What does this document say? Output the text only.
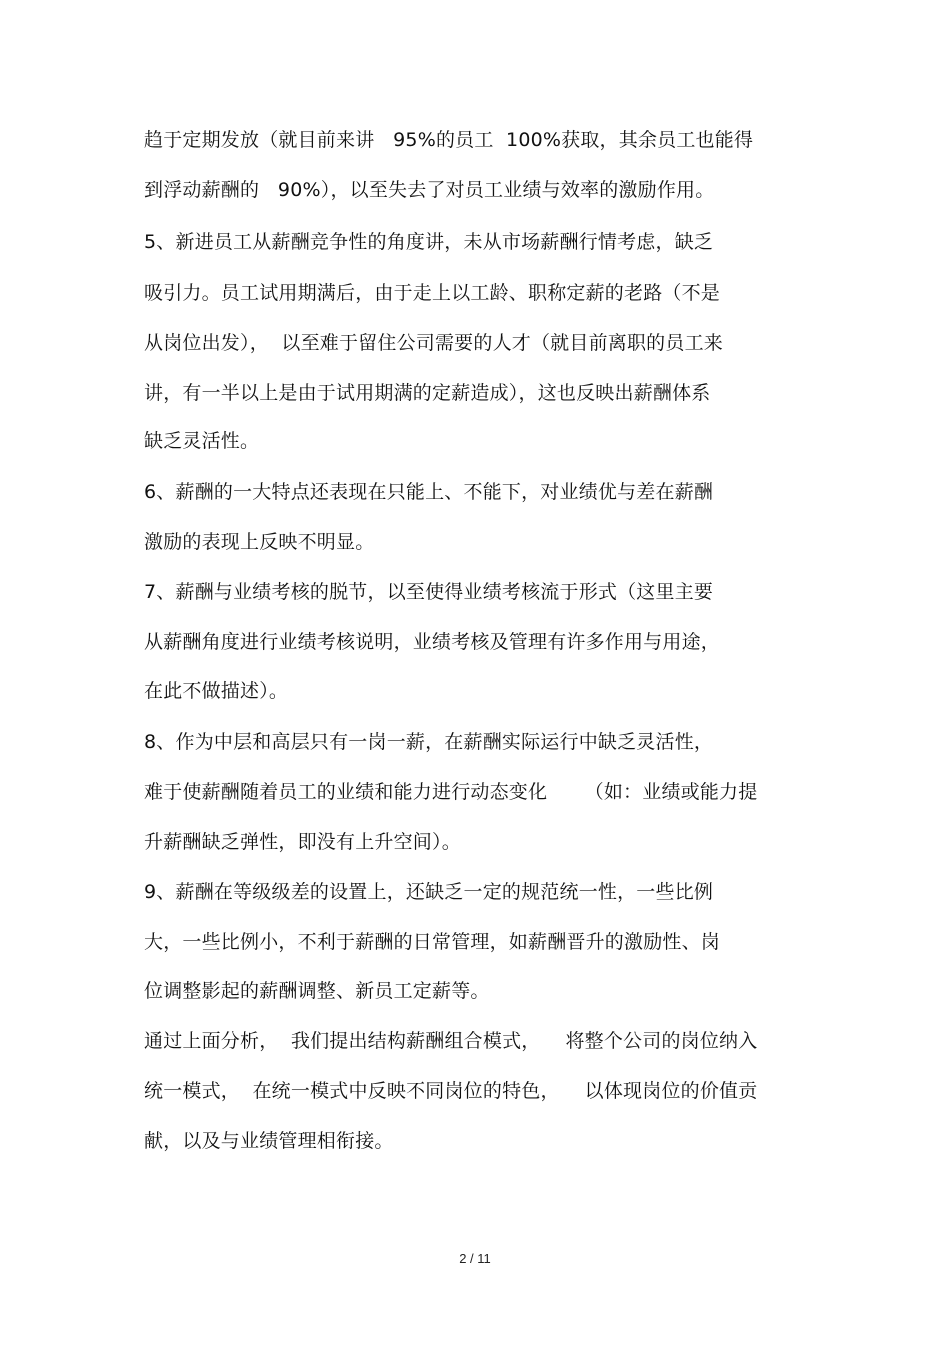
趋于定期发放（就目前来讲   95%的员工  100%获取，其余员工也能得
到浮动薪酬的   90%），以至失去了对员工业绩与效率的激励作用。
5、新进员工从薪酬竞争性的角度讲，未从市场薪酬行情考虑，缺乏
吸引力。员工试用期满后，由于走上以工龄、职称定薪的老路（不是
从岗位出发），  以至难于留住公司需要的人才（就目前离职的员工来
讲，有一半以上是由于试用期满的定薪造成），这也反映出薪酬体系
缺乏灵活性。
6、薪酬的一大特点还表现在只能上、不能下，对业绩优与差在薪酬
激励的表现上反映不明显。
7、薪酬与业绩考核的脱节，以至使得业绩考核流于形式（这里主要
从薪酬角度进行业绩考核说明，业绩考核及管理有许多作用与用途，
在此不做描述）。
8、作为中层和高层只有一岗一薪，在薪酬实际运行中缺乏灵活性，
难于使薪酬随着员工的业绩和能力进行动态变化      （如：业绩或能力提
升薪酬缺乏弹性，即没有上升空间）。
9、薪酬在等级级差的设置上，还缺乏一定的规范统一性，一些比例
大，一些比例小，不利于薪酬的日常管理，如薪酬晋升的激励性、岗
位调整影起的薪酬调整、新员工定薪等。
通过上面分析，  我们提出结构薪酬组合模式，    将整个公司的岗位纳入
统一模式，  在统一模式中反映不同岗位的特色，    以体现岗位的价值贡
献，以及与业绩管理相衔接。
2 / 11
